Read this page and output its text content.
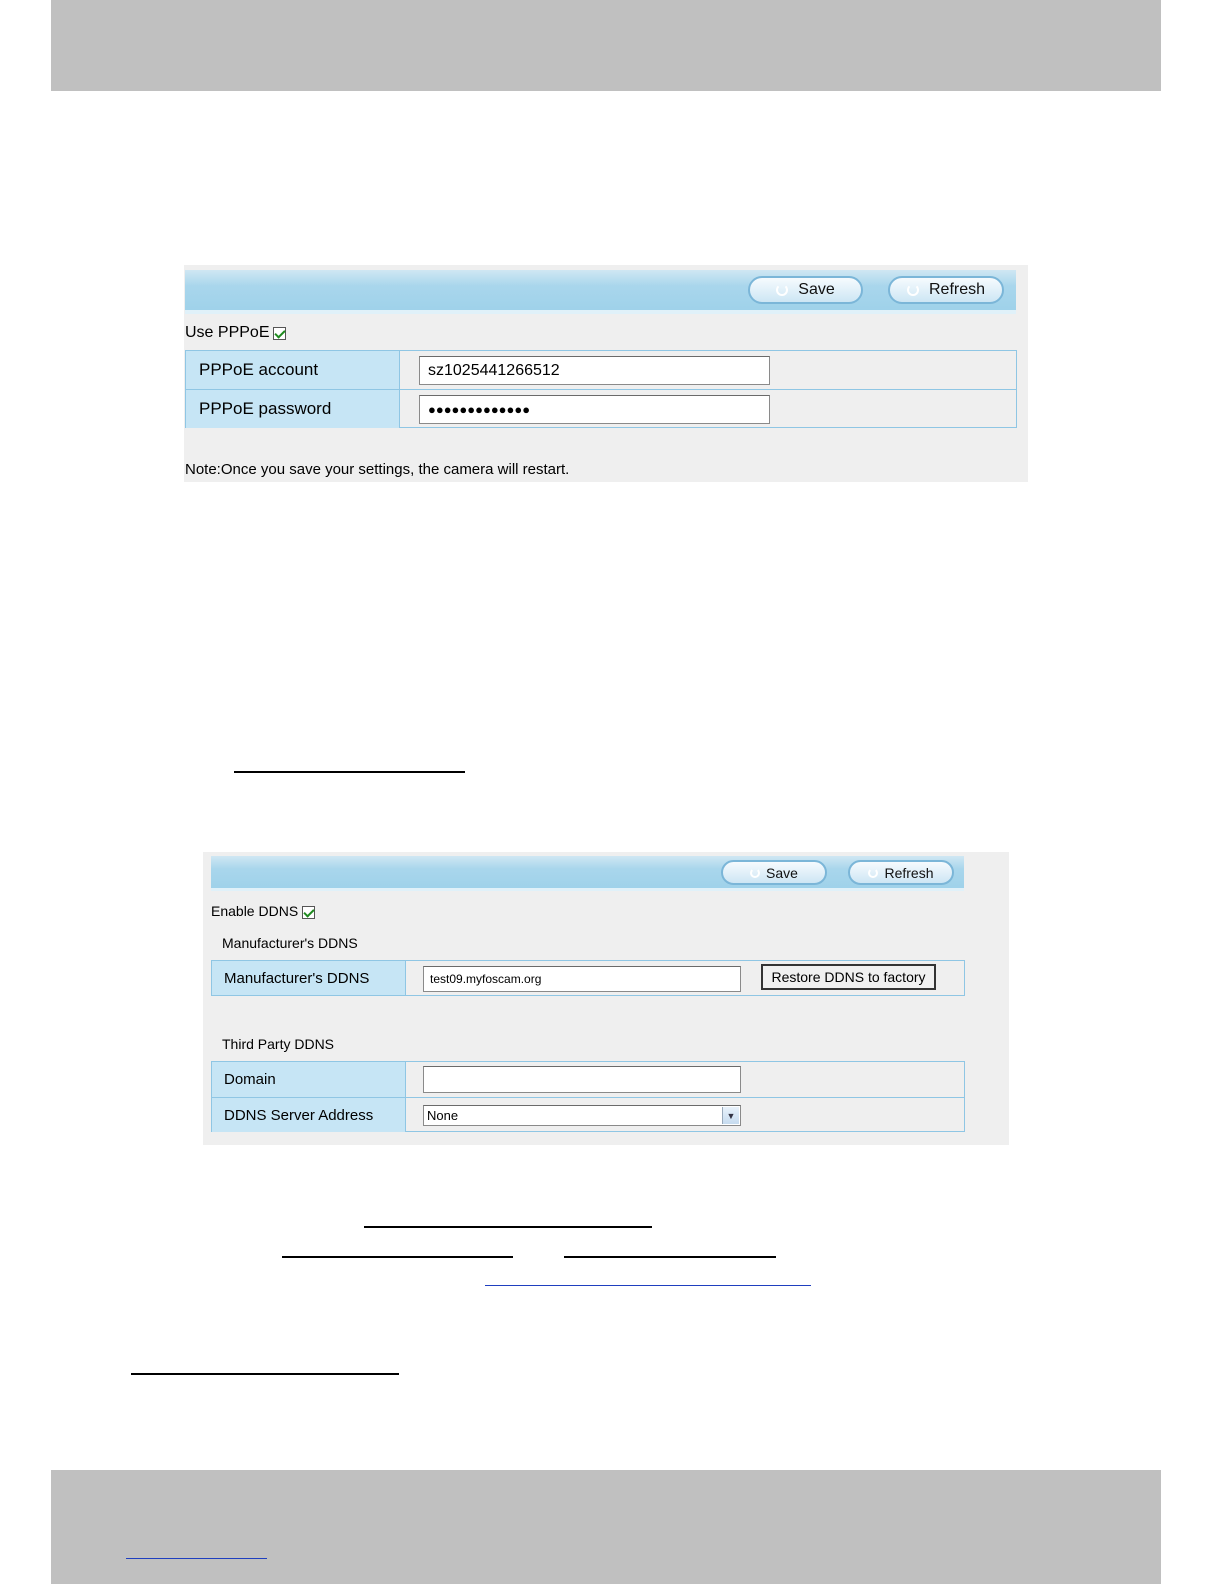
Save	Refresh
Use PPPoE
PPPoE account	sz1025441266512
PPPoE password	●●●●●●●●●●●●●
Note:Once you save your settings, the camera will restart.
Save	Refresh
Enable DDNS
Manufacturer's DDNS
Manufacturer's DDNS	test09.myfoscam.org	Restore DDNS to factory
Third Party DDNS
Domain
DDNS Server Address	None	▼
